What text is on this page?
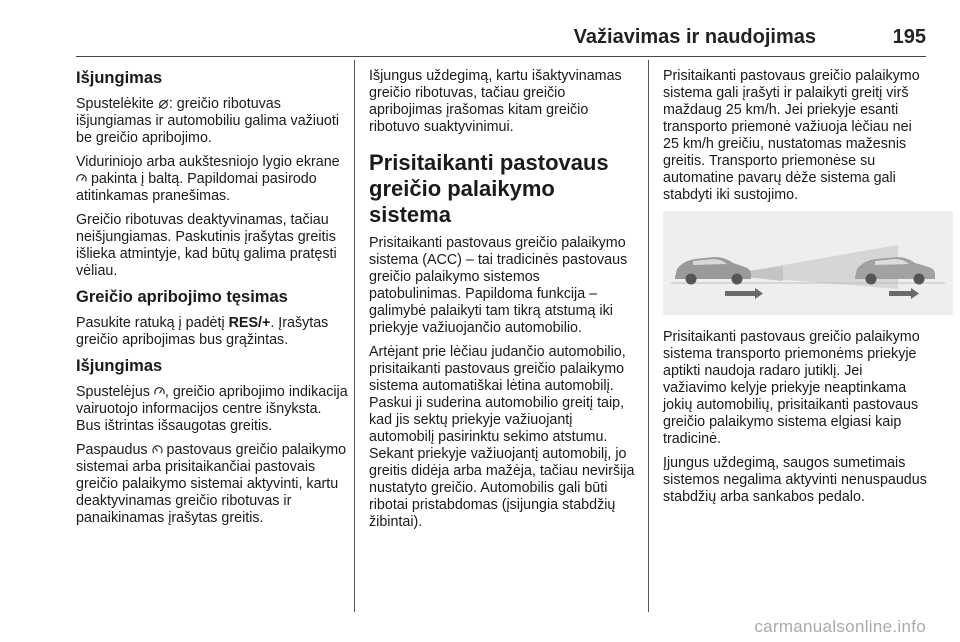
Važiavimas ir naudojimas	195
Išjungimas

Spustelėkite : greičio ribotuvas išjungiamas ir automobiliu galima važiuoti be greičio apribojimo.

Viduriniojo arba aukštesniojo lygio ekrane  pakinta į baltą. Papildomai pasirodo atitinkamas pranešimas.

Greičio ribotuvas deaktyvinamas, tačiau neišjungiamas. Paskutinis įrašytas greitis išlieka atmintyje, kad būtų galima pratęsti vėliau.

Greičio apribojimo tęsimas

Pasukite ratuką į padėtį RES/+. Įrašytas greičio apribojimas bus grąžintas.

Išjungimas

Spustelėjus , greičio apribojimo indikacija vairuotojo informacijos centre išnyksta. Bus ištrintas išsaugotas greitis.

Paspaudus  pastovaus greičio palaikymo sistemai arba prisitaikančiai pastovais greičio palaikymo sistemai aktyvinti, kartu deaktyvinamas greičio ribotuvas ir panaikinamas įrašytas greitis.

Išjungus uždegimą, kartu išaktyvinamas greičio ribotuvas, tačiau greičio apribojimas įrašomas kitam greičio ribotuvo suaktyvinimui.

Prisitaikanti pastovaus greičio palaikymo sistema

Prisitaikanti pastovaus greičio palaikymo sistema (ACC) – tai tradicinės pastovaus greičio palaikymo sistemos patobulinimas. Papildoma funkcija – galimybė palaikyti tam tikrą atstumą iki priekyje važiuojančio automobilio.

Artėjant prie lėčiau judančio automobilio, prisitaikanti pastovaus greičio palaikymo sistema automatiškai lėtina automobilį. Paskui ji suderina automobilio greitį taip, kad jis sektų priekyje važiuojantį automobilį pasirinktu sekimo atstumu. Sekant priekyje važiuojantį automobilį, jo greitis didėja arba mažėja, tačiau neviršija nustatyto greičio. Automobilis gali būti ribotai pristabdomas (įsijungia stabdžių žibintai).

Prisitaikanti pastovaus greičio palaikymo sistema gali įrašyti ir palaikyti greitį virš maždaug 25 km/h. Jei priekyje esanti transporto priemonė važiuoja lėčiau nei 25 km/h greičiu, nustatomas mažesnis greitis. Transporto priemonėse su automatine pavarų dėže sistema gali stabdyti iki sustojimo.

Prisitaikanti pastovaus greičio palaikymo sistema transporto priemonėms priekyje aptikti naudoja radaro jutiklį. Jei važiavimo kelyje priekyje neaptinkama jokių automobilių, prisitaikanti pastovaus greičio palaikymo sistema elgiasi kaip tradicinė.

Įjungus uždegimą, saugos sumetimais sistemos negalima aktyvinti nenuspaudus stabdžių arba sankabos pedalo.

carmanualsonline.info
